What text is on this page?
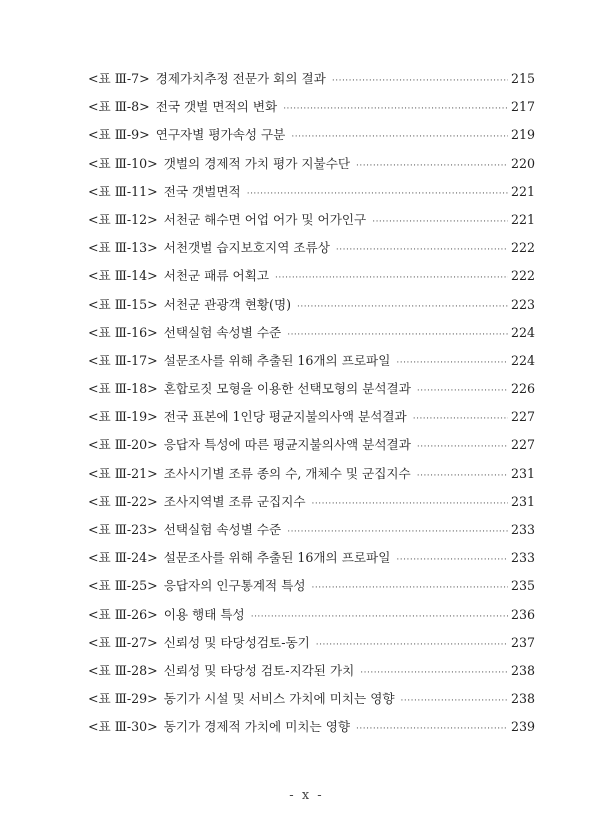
<표 Ⅲ-7> 경제가치추정 전문가 회의 결과 ·····	215
<표 Ⅲ-8> 전국 갯벌 면적의 변화 ·····	217
<표 Ⅲ-9> 연구자별 평가속성 구분 ·····	219
<표 Ⅲ-10> 갯벌의 경제적 가치 평가 지불수단 ·····	220
<표 Ⅲ-11> 전국 갯벌면적 ·····	221
<표 Ⅲ-12> 서천군 해수면 어업 어가 및 어가인구 ·····	221
<표 Ⅲ-13> 서천갯벌 습지보호지역 조류상 ·····	222
<표 Ⅲ-14> 서천군 패류 어획고 ·····	222
<표 Ⅲ-15> 서천군 관광객 현황(명) ·····	223
<표 Ⅲ-16> 선택실험 속성별 수준 ·····	224
<표 Ⅲ-17> 설문조사를 위해 추출된 16개의 프로파일 ·····	224
<표 Ⅲ-18> 혼합로짓 모형을 이용한 선택모형의 분석결과 ·····	226
<표 Ⅲ-19> 전국 표본에 1인당 평균지불의사액 분석결과 ·····	227
<표 Ⅲ-20> 응답자 특성에 따른 평균지불의사액 분석결과 ·····	227
<표 Ⅲ-21> 조사시기별 조류 종의 수, 개체수 및 군집지수 ·····	231
<표 Ⅲ-22> 조사지역별 조류 군집지수 ·····	231
<표 Ⅲ-23> 선택실험 속성별 수준 ·····	233
<표 Ⅲ-24> 설문조사를 위해 추출된 16개의 프로파일 ·····	233
<표 Ⅲ-25> 응답자의 인구통계적 특성 ·····	235
<표 Ⅲ-26> 이용 행태 특성 ·····	236
<표 Ⅲ-27> 신뢰성 및 타당성검토-동기 ·····	237
<표 Ⅲ-28> 신뢰성 및 타당성 검토-지각된 가치 ·····	238
<표 Ⅲ-29> 동기가 시설 및 서비스 가치에 미치는 영향 ·····	238
<표 Ⅲ-30> 동기가 경제적 가치에 미치는 영향 ·····	239
- x -
